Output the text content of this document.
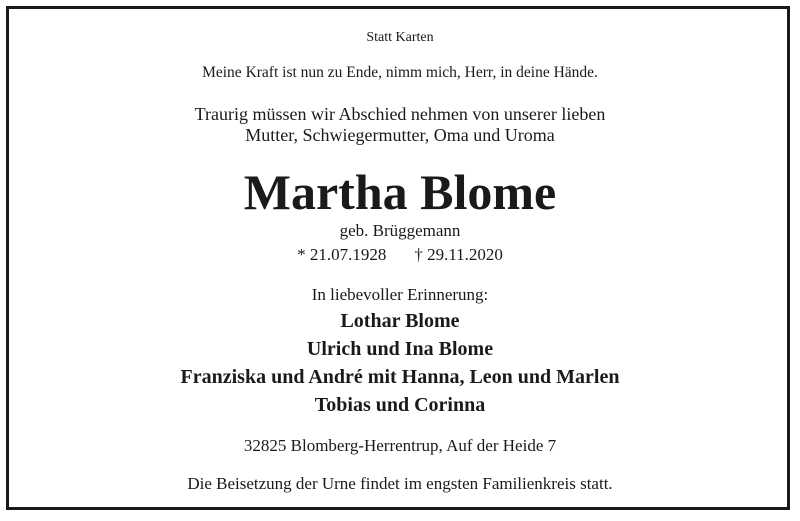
Statt Karten
Meine Kraft ist nun zu Ende, nimm mich, Herr, in deine Hände.
Traurig müssen wir Abschied nehmen von unserer lieben
Mutter, Schwiegermutter, Oma und Uroma
Martha Blome
geb. Brüggemann
* 21.07.1928 † 29.11.2020
In liebevoller Erinnerung:
Lothar Blome
Ulrich und Ina Blome
Franziska und André mit Hanna, Leon und Marlen
Tobias und Corinna
32825 Blomberg-Herrentrup, Auf der Heide 7
Die Beisetzung der Urne findet im engsten Familienkreis statt.
